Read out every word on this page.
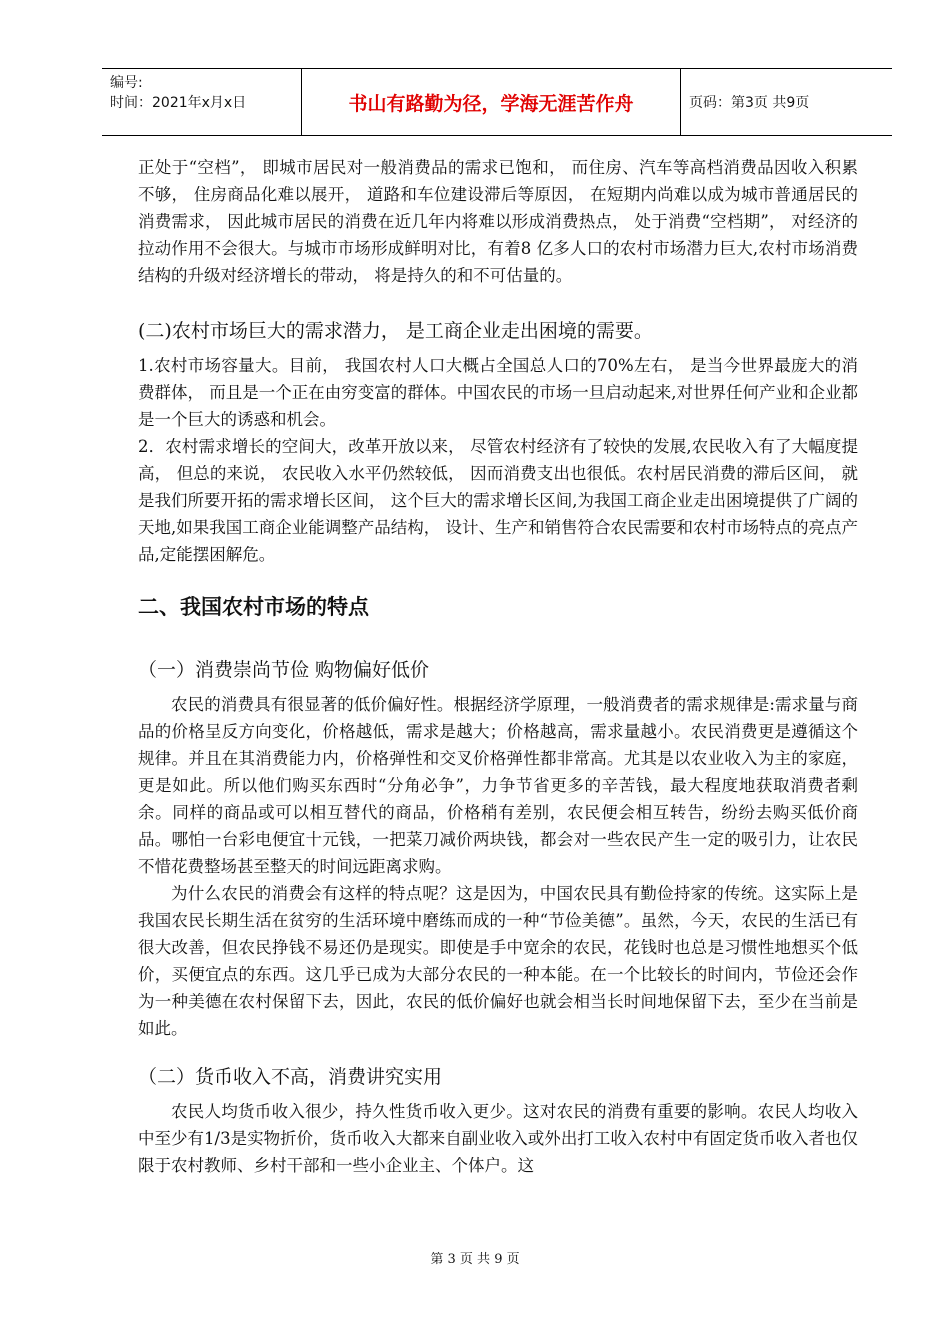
编号:
时间：2021年x月x日	书山有路勤为径，学海无涯苦作舟	页码：第3页 共9页

正处于“空档”， 即城市居民对一般消费品的需求已饱和， 而住房、汽车等高档消费品因收入积累不够， 住房商品化难以展开， 道路和车位建设滞后等原因， 在短期内尚难以成为城市普通居民的消费需求， 因此城市居民的消费在近几年内将难以形成消费热点， 处于消费“空档期”， 对经济的拉动作用不会很大。与城市市场形成鲜明对比，有着8 亿多人口的农村市场潜力巨大,农村市场消费结构的升级对经济增长的带动， 将是持久的和不可估量的。

(二)农村市场巨大的需求潜力， 是工商企业走出困境的需要。

1.农村市场容量大。目前， 我国农村人口大概占全国总人口的70%左右， 是当今世界最庞大的消费群体， 而且是一个正在由穷变富的群体。中国农民的市场一旦启动起来,对世界任何产业和企业都是一个巨大的诱惑和机会。

2．农村需求增长的空间大，改革开放以来， 尽管农村经济有了较快的发展,农民收入有了大幅度提高， 但总的来说， 农民收入水平仍然较低， 因而消费支出也很低。农村居民消费的滞后区间， 就是我们所要开拓的需求增长区间， 这个巨大的需求增长区间,为我国工商企业走出困境提供了广阔的天地,如果我国工商企业能调整产品结构， 设计、生产和销售符合农民需要和农村市场特点的亮点产品,定能摆困解危。

二、我国农村市场的特点

（一）消费崇尚节俭 购物偏好低价

农民的消费具有很显著的低价偏好性。根据经济学原理，一般消费者的需求规律是:需求量与商品的价格呈反方向变化，价格越低，需求是越大；价格越高，需求量越小。农民消费更是遵循这个规律。并且在其消费能力内，价格弹性和交叉价格弹性都非常高。尤其是以农业收入为主的家庭，更是如此。所以他们购买东西时“分角必争”，力争节省更多的辛苦钱，最大程度地获取消费者剩余。同样的商品或可以相互替代的商品，价格稍有差别，农民便会相互转告，纷纷去购买低价商品。哪怕一台彩电便宜十元钱，一把菜刀减价两块钱，都会对一些农民产生一定的吸引力，让农民不惜花费整场甚至整天的时间远距离求购。

为什么农民的消费会有这样的特点呢？这是因为，中国农民具有勤俭持家的传统。这实际上是我国农民长期生活在贫穷的生活环境中磨练而成的一种“节俭美德”。虽然，今天，农民的生活已有很大改善，但农民挣钱不易还仍是现实。即使是手中宽余的农民，花钱时也总是习惯性地想买个低价，买便宜点的东西。这几乎已成为大部分农民的一种本能。在一个比较长的时间内，节俭还会作为一种美德在农村保留下去，因此，农民的低价偏好也就会相当长时间地保留下去，至少在当前是如此。

（二）货币收入不高，消费讲究实用

农民人均货币收入很少，持久性货币收入更少。这对农民的消费有重要的影响。农民人均收入中至少有1/3是实物折价，货币收入大都来自副业收入或外出打工收入农村中有固定货币收入者也仅限于农村教师、乡村干部和一些小企业主、个体户。这

第 3 页 共 9 页
